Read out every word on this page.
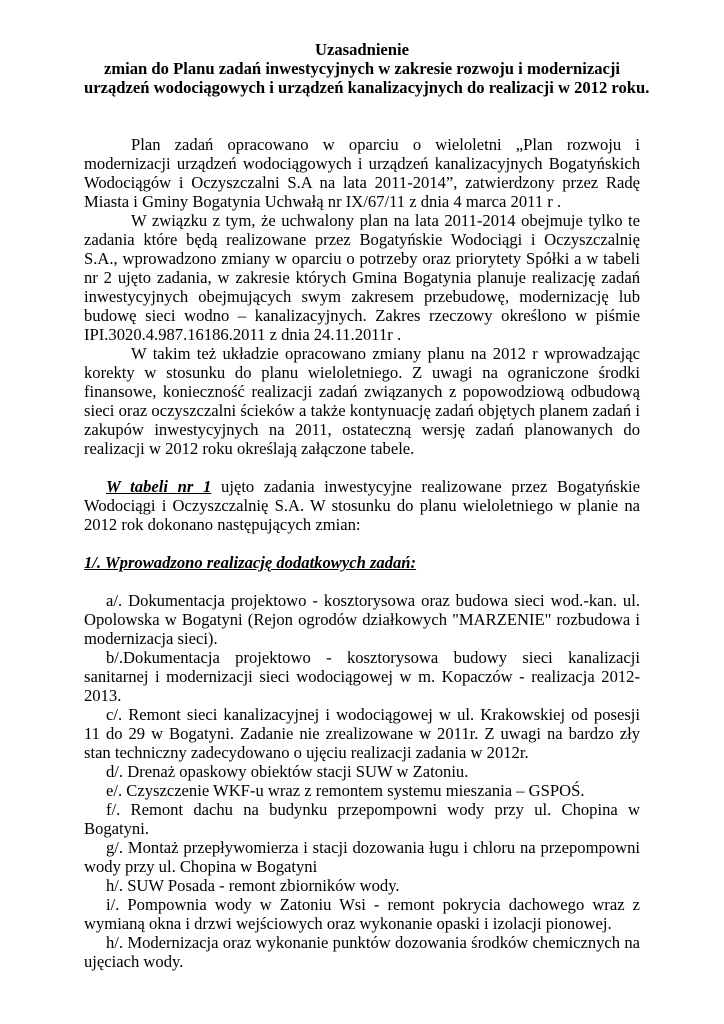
Uzasadnienie
zmian do Planu zadań inwestycyjnych w zakresie rozwoju i modernizacji
urządzeń wodociągowych i urządzeń kanalizacyjnych do realizacji w 2012 roku.

Plan zadań opracowano w oparciu o wieloletni „Plan rozwoju i modernizacji urządzeń wodociągowych i urządzeń kanalizacyjnych Bogatyńskich Wodociągów i Oczyszczalni S.A na lata 2011-2014”, zatwierdzony przez Radę Miasta i Gminy Bogatynia Uchwałą nr IX/67/11 z dnia 4 marca 2011 r .

W związku z tym, że uchwalony plan na lata 2011-2014 obejmuje tylko te zadania które będą realizowane przez Bogatyńskie Wodociągi i Oczyszczalnię S.A., wprowadzono zmiany w oparciu o potrzeby oraz priorytety Spółki a w tabeli nr 2 ujęto zadania, w zakresie których Gmina Bogatynia planuje realizację zadań inwestycyjnych obejmujących swym zakresem przebudowę, modernizację lub budowę sieci wodno – kanalizacyjnych. Zakres rzeczowy określono w piśmie IPI.3020.4.987.16186.2011 z dnia 24.11.2011r .

W takim też układzie opracowano zmiany planu na 2012 r wprowadzając korekty w stosunku do planu wieloletniego. Z uwagi na ograniczone środki finansowe, konieczność realizacji zadań związanych z popowodziową odbudową sieci oraz oczyszczalni ścieków a także kontynuację zadań objętych planem zadań i zakupów inwestycyjnych na 2011, ostateczną wersję zadań planowanych do realizacji w 2012 roku określają załączone tabele.

W tabeli nr 1 ujęto zadania inwestycyjne realizowane przez Bogatyńskie Wodociągi i Oczyszczalnię S.A. W stosunku do planu wieloletniego w planie na 2012 rok dokonano następujących zmian:

1/. Wprowadzono realizację dodatkowych zadań:

a/. Dokumentacja projektowo - kosztorysowa oraz budowa sieci wod.-kan. ul. Opolowska w Bogatyni (Rejon ogrodów działkowych "MARZENIE" rozbudowa i modernizacja sieci).

b/.Dokumentacja projektowo - kosztorysowa budowy sieci kanalizacji sanitarnej i modernizacji sieci wodociągowej w m. Kopaczów - realizacja 2012-2013.

c/. Remont sieci kanalizacyjnej i wodociągowej w ul. Krakowskiej od posesji 11 do 29 w Bogatyni. Zadanie nie zrealizowane w 2011r. Z uwagi na bardzo zły stan techniczny zadecydowano o ujęciu realizacji zadania w 2012r.

d/. Drenaż opaskowy obiektów stacji SUW w Zatoniu.

e/. Czyszczenie WKF-u wraz z remontem systemu mieszania – GSPOŚ.

f/. Remont dachu na budynku przepompowni wody przy ul. Chopina w Bogatyni.

g/. Montaż przepływomierza i stacji dozowania ługu i chloru na przepompowni wody przy ul. Chopina w Bogatyni

h/. SUW Posada - remont zbiorników wody.

i/. Pompownia wody w Zatoniu Wsi - remont pokrycia dachowego wraz z wymianą okna i drzwi wejściowych oraz wykonanie opaski i izolacji pionowej.

h/. Modernizacja oraz wykonanie punktów dozowania środków chemicznych na ujęciach wody.
